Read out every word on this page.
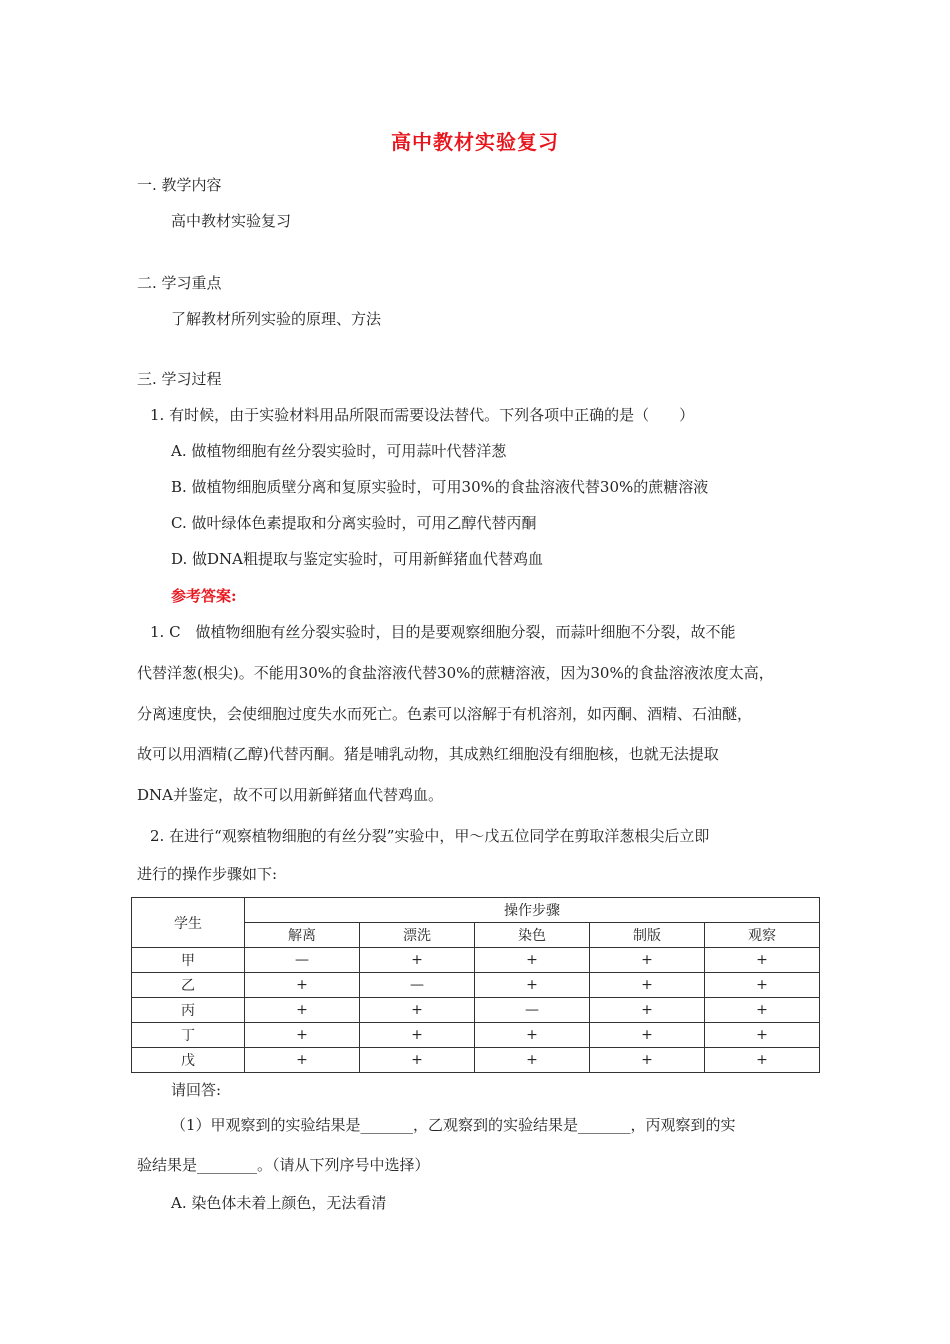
高中教材实验复习
一. 教学内容
高中教材实验复习
二. 学习重点
了解教材所列实验的原理、方法
三. 学习过程
1. 有时候，由于实验材料用品所限而需要设法替代。下列各项中正确的是（　　）
A. 做植物细胞有丝分裂实验时，可用蒜叶代替洋葱
B. 做植物细胞质壁分离和复原实验时，可用30%的食盐溶液代替30%的蔗糖溶液
C. 做叶绿体色素提取和分离实验时，可用乙醇代替丙酮
D. 做DNA粗提取与鉴定实验时，可用新鲜猪血代替鸡血
参考答案:
1. C　做植物细胞有丝分裂实验时，目的是要观察细胞分裂，而蒜叶细胞不分裂，故不能
代替洋葱(根尖)。不能用30%的食盐溶液代替30%的蔗糖溶液，因为30%的食盐溶液浓度太高，
分离速度快，会使细胞过度失水而死亡。色素可以溶解于有机溶剂，如丙酮、酒精、石油醚，
故可以用酒精(乙醇)代替丙酮。猪是哺乳动物，其成熟红细胞没有细胞核，也就无法提取
DNA并鉴定，故不可以用新鲜猪血代替鸡血。
2. 在进行“观察植物细胞的有丝分裂”实验中，甲～戊五位同学在剪取洋葱根尖后立即
进行的操作步骤如下:
学生	操作步骤				
	解离	漂洗	染色	制版	观察
甲	—	+	+	+	+
乙	+	—	+	+	+
丙	+	+	—	+	+
丁	+	+	+	+	+
戊	+	+	+	+	+
请回答:
（1）甲观察到的实验结果是_______，乙观察到的实验结果是_______，丙观察到的实
验结果是________。（请从下列序号中选择）
A. 染色体未着上颜色，无法看清
